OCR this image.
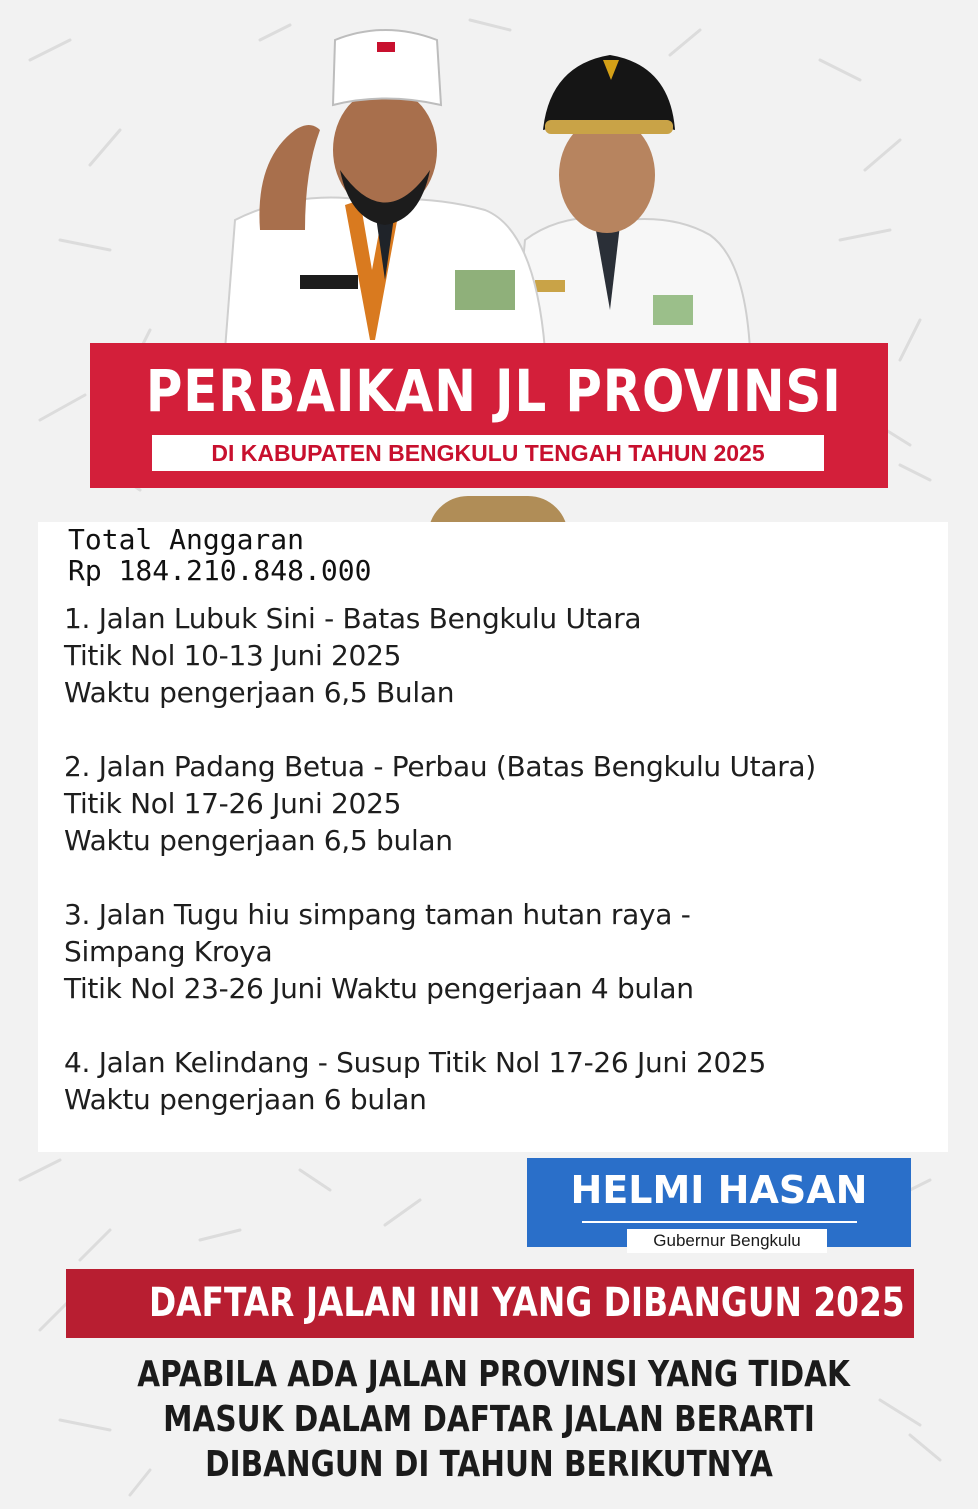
PERBAIKAN JL PROVINSI
DI KABUPATEN BENGKULU TENGAH TAHUN 2025
Total Anggaran
Rp 184.210.848.000
1. Jalan Lubuk Sini - Batas Bengkulu Utara
Titik Nol 10-13 Juni 2025
Waktu pengerjaan 6,5 Bulan
2. Jalan Padang Betua - Perbau (Batas Bengkulu Utara)
Titik Nol 17-26 Juni 2025
Waktu pengerjaan 6,5 bulan
3. Jalan Tugu hiu simpang taman hutan raya -
Simpang Kroya
Titik Nol 23-26 Juni Waktu pengerjaan 4 bulan
4. Jalan Kelindang - Susup Titik Nol 17-26 Juni 2025
Waktu pengerjaan 6 bulan
HELMI HASAN
Gubernur Bengkulu
DAFTAR JALAN INI YANG DIBANGUN 2025
APABILA ADA JALAN PROVINSI YANG TIDAK
MASUK DALAM DAFTAR JALAN BERARTI
DIBANGUN DI TAHUN BERIKUTNYA
